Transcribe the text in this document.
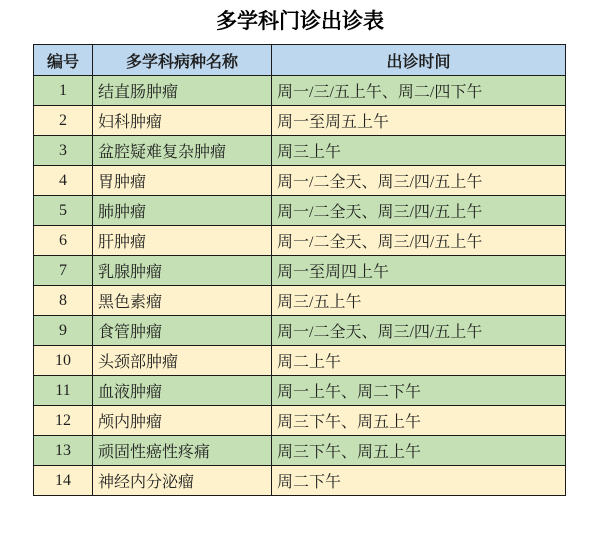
多学科门诊出诊表
编号	多学科病种名称	出诊时间
1	结直肠肿瘤	周一/三/五上午、周二/四下午
2	妇科肿瘤	周一至周五上午
3	盆腔疑难复杂肿瘤	周三上午
4	胃肿瘤	周一/二全天、周三/四/五上午
5	肺肿瘤	周一/二全天、周三/四/五上午
6	肝肿瘤	周一/二全天、周三/四/五上午
7	乳腺肿瘤	周一至周四上午
8	黑色素瘤	周三/五上午
9	食管肿瘤	周一/二全天、周三/四/五上午
10	头颈部肿瘤	周二上午
11	血液肿瘤	周一上午、周二下午
12	颅内肿瘤	周三下午、周五上午
13	顽固性癌性疼痛	周三下午、周五上午
14	神经内分泌瘤	周二下午
